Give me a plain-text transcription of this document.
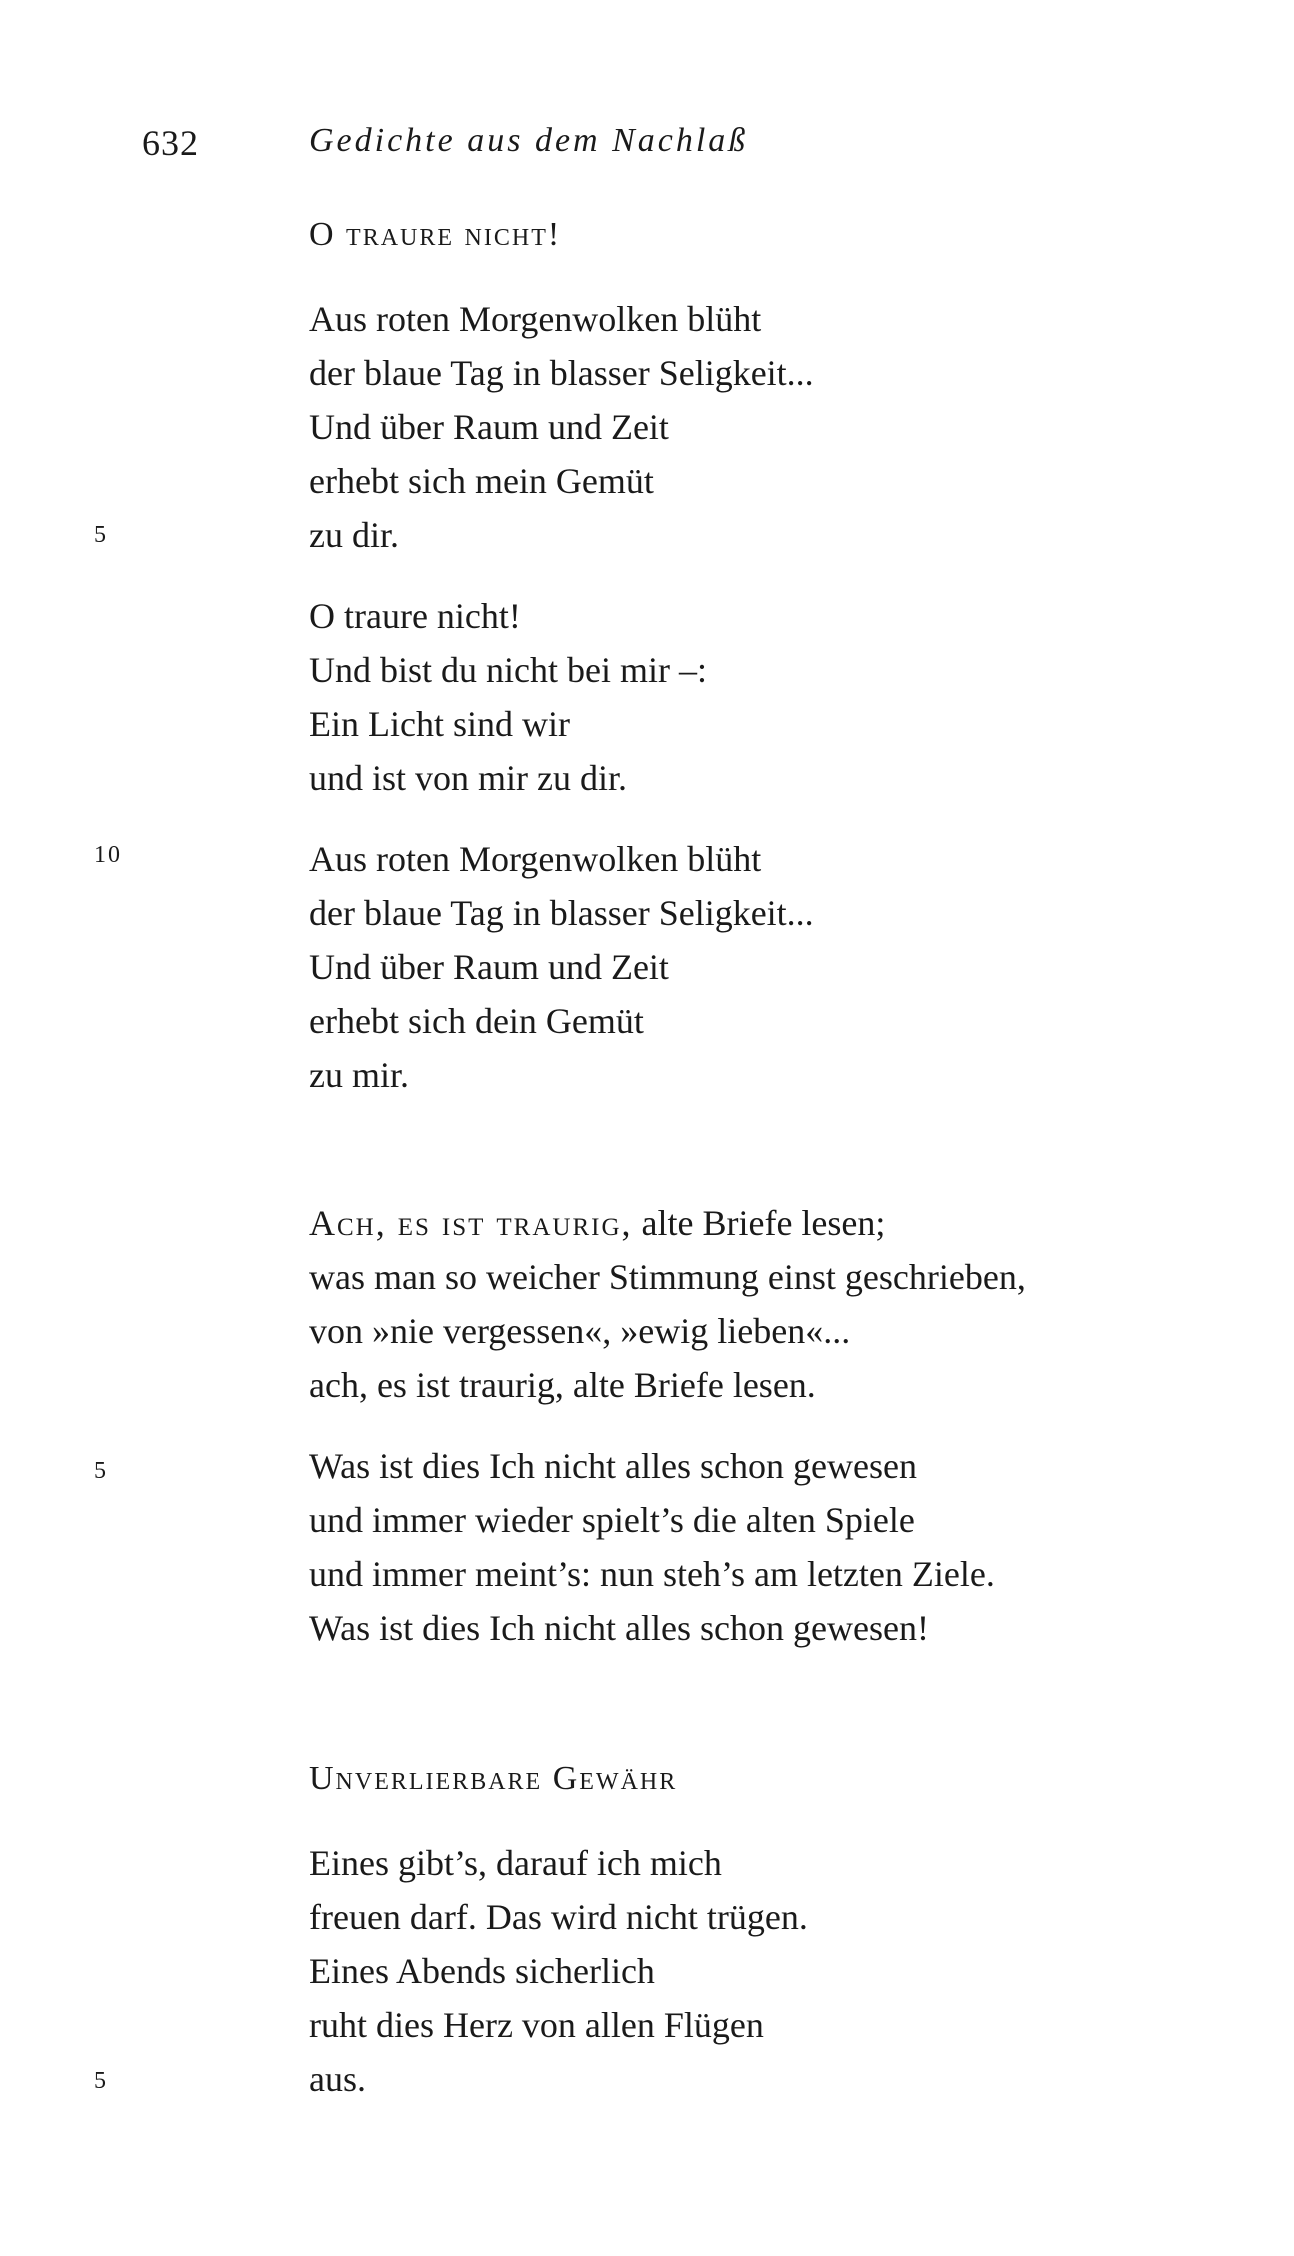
632	Gedichte aus dem Nachlaß
O traure nicht!
Aus roten Morgenwolken blüht
der blaue Tag in blasser Seligkeit...
Und über Raum und Zeit
erhebt sich mein Gemüt
zu dir.
O traure nicht!
Und bist du nicht bei mir –:
Ein Licht sind wir
und ist von mir zu dir.
Aus roten Morgenwolken blüht
der blaue Tag in blasser Seligkeit...
Und über Raum und Zeit
erhebt sich dein Gemüt
zu mir.
5
10
Ach, es ist traurig, alte Briefe lesen;
was man so weicher Stimmung einst geschrieben,
von »nie vergessen«, »ewig lieben«...
ach, es ist traurig, alte Briefe lesen.
Was ist dies Ich nicht alles schon gewesen
und immer wieder spielt’s die alten Spiele
und immer meint’s: nun steh’s am letzten Ziele.
Was ist dies Ich nicht alles schon gewesen!
5
Unverlierbare Gewähr
Eines gibt’s, darauf ich mich
freuen darf. Das wird nicht trügen.
Eines Abends sicherlich
ruht dies Herz von allen Flügen
aus.
5
